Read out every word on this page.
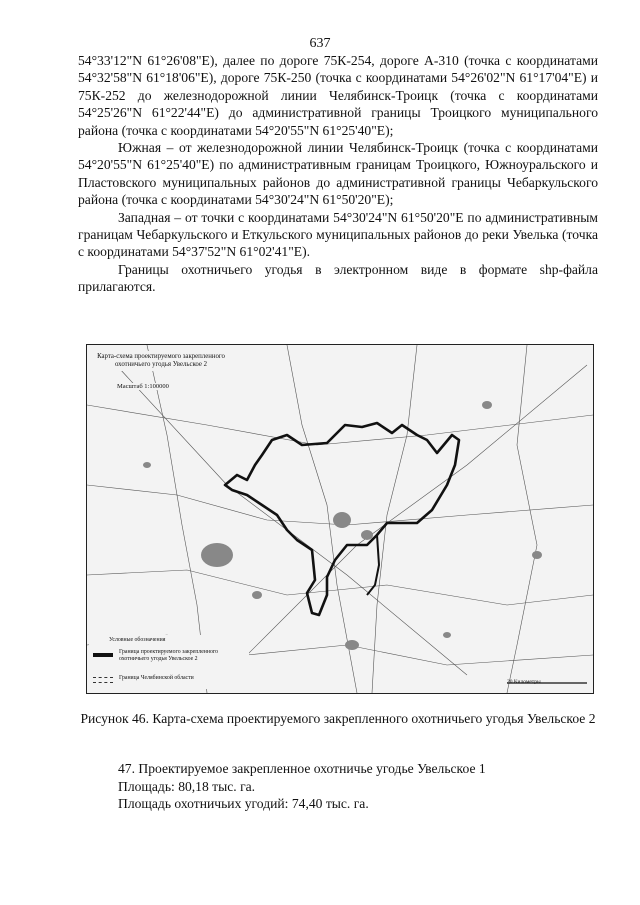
637

54°33'12"N 61°26'08"E), далее по дороге 75К-254, дороге А-310 (точка с координатами 54°32'58"N 61°18'06"E), дороге 75К-250 (точка с координатами 54°26'02"N 61°17'04"E) и 75К-252 до железнодорожной линии Челябинск-Троицк (точка с координатами 54°25'26"N 61°22'44"E) до административной границы Троицкого муниципального района (точка с координатами 54°20'55"N 61°25'40"E);

Южная – от железнодорожной линии Челябинск-Троицк (точка с координатами 54°20'55"N 61°25'40"E) по административным границам Троицкого, Южноуральского и Пластовского муниципальных районов до административной границы Чебаркульского района (точка с координатами 54°30'24"N 61°50'20"E);

Западная – от точки с координатами 54°30'24"N 61°50'20"E по административным границам Чебаркульского и Еткульского муниципальных районов до реки Увелька (точка с координатами 54°37'52"N 61°02'41"E).

Границы охотничьего угодья в электронном виде в формате shp-файла прилагаются.

Карта-схема проектируемого закрепленного охотничьего угодья Увельское 2
Масштаб 1:100000
Условные обозначения
Граница проектируемого закрепленного охотничьего угодья Увельское 2
Граница Челябинской области
20 Километры
Рисунок 46. Карта-схема проектируемого закрепленного охотничьего угодья Увельское 2
47. Проектируемое закрепленное охотничье угодье Увельское 1
Площадь: 80,18 тыс. га.
Площадь охотничьих угодий: 74,40 тыс. га.
